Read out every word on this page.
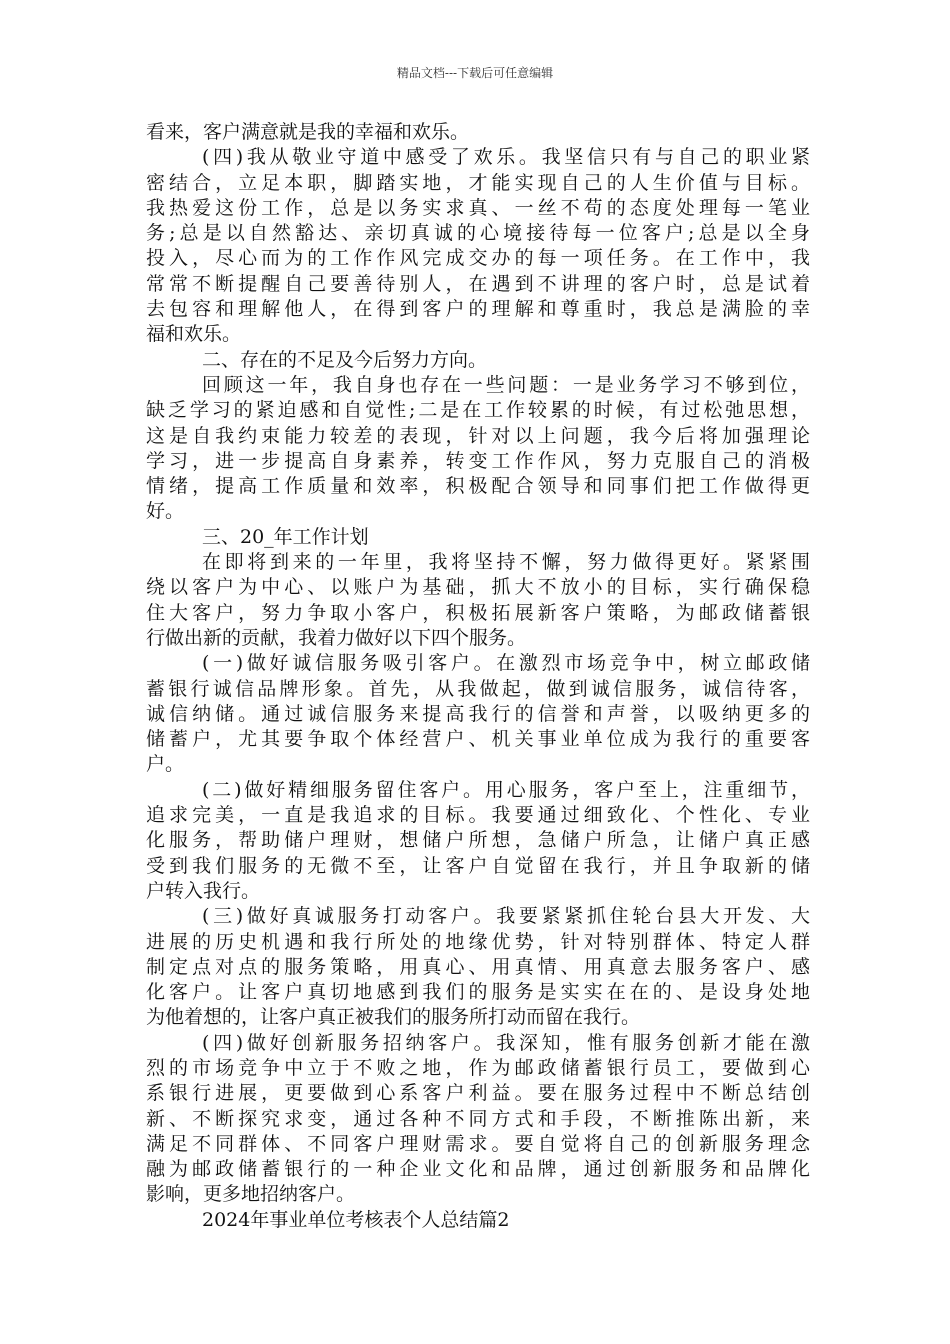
精品文档---下载后可任意编辑
看来，客户满意就是我的幸福和欢乐。
(四)我从敬业守道中感受了欢乐。我坚信只有与自己的职业紧
密结合，立足本职，脚踏实地，才能实现自己的人生价值与目标。
我热爱这份工作，总是以务实求真、一丝不苟的态度处理每一笔业
务;总是以自然豁达、亲切真诚的心境接待每一位客户;总是以全身
投入，尽心而为的工作作风完成交办的每一项任务。在工作中，我
常常不断提醒自己要善待别人，在遇到不讲理的客户时，总是试着
去包容和理解他人，在得到客户的理解和尊重时，我总是满脸的幸
福和欢乐。
二、存在的不足及今后努力方向。
回顾这一年，我自身也存在一些问题：一是业务学习不够到位，
缺乏学习的紧迫感和自觉性;二是在工作较累的时候，有过松弛思想，
这是自我约束能力较差的表现，针对以上问题，我今后将加强理论
学习，进一步提高自身素养，转变工作作风，努力克服自己的消极
情绪，提高工作质量和效率，积极配合领导和同事们把工作做得更
好。
三、20_年工作计划
在即将到来的一年里，我将坚持不懈，努力做得更好。紧紧围
绕以客户为中心、以账户为基础，抓大不放小的目标，实行确保稳
住大客户，努力争取小客户，积极拓展新客户策略，为邮政储蓄银
行做出新的贡献，我着力做好以下四个服务。
(一)做好诚信服务吸引客户。在激烈市场竞争中，树立邮政储
蓄银行诚信品牌形象。首先，从我做起，做到诚信服务，诚信待客，
诚信纳储。通过诚信服务来提高我行的信誉和声誉，以吸纳更多的
储蓄户，尤其要争取个体经营户、机关事业单位成为我行的重要客
户。
(二)做好精细服务留住客户。用心服务，客户至上，注重细节，
追求完美，一直是我追求的目标。我要通过细致化、个性化、专业
化服务，帮助储户理财，想储户所想，急储户所急，让储户真正感
受到我们服务的无微不至，让客户自觉留在我行，并且争取新的储
户转入我行。
(三)做好真诚服务打动客户。我要紧紧抓住轮台县大开发、大
进展的历史机遇和我行所处的地缘优势，针对特别群体、特定人群
制定点对点的服务策略，用真心、用真情、用真意去服务客户、感
化客户。让客户真切地感到我们的服务是实实在在的、是设身处地
为他着想的，让客户真正被我们的服务所打动而留在我行。
(四)做好创新服务招纳客户。我深知，惟有服务创新才能在激
烈的市场竞争中立于不败之地，作为邮政储蓄银行员工，要做到心
系银行进展，更要做到心系客户利益。要在服务过程中不断总结创
新、不断探究求变，通过各种不同方式和手段，不断推陈出新，来
满足不同群体、不同客户理财需求。要自觉将自己的创新服务理念
融为邮政储蓄银行的一种企业文化和品牌，通过创新服务和品牌化
影响，更多地招纳客户。
2024年事业单位考核表个人总结篇2
